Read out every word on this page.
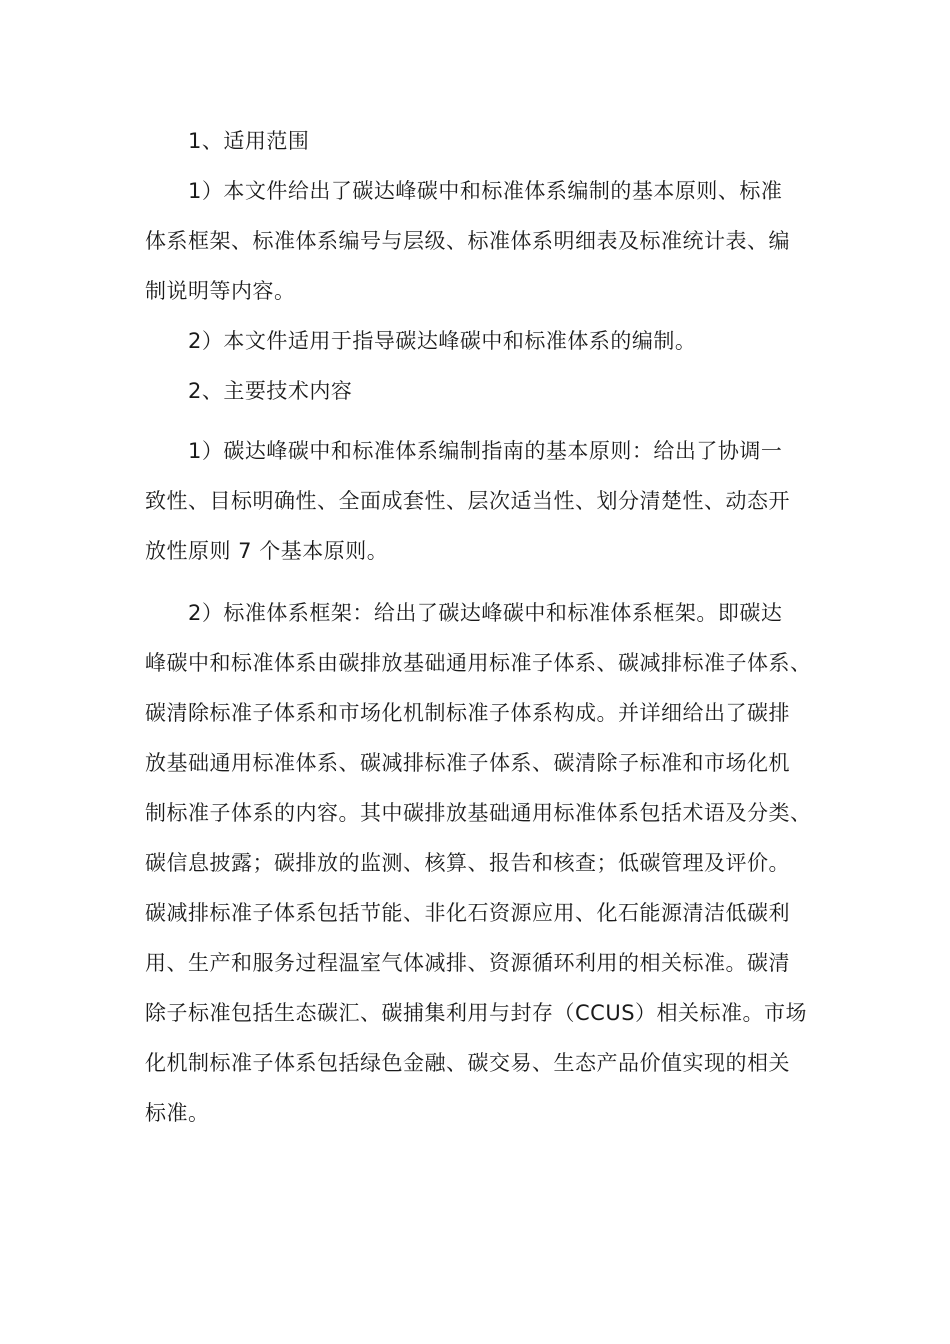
1、适用范围
1）本文件给出了碳达峰碳中和标准体系编制的基本原则、标准
体系框架、标准体系编号与层级、标准体系明细表及标准统计表、编
制说明等内容。
2）本文件适用于指导碳达峰碳中和标准体系的编制。
2、主要技术内容
1）碳达峰碳中和标准体系编制指南的基本原则：给出了协调一
致性、目标明确性、全面成套性、层次适当性、划分清楚性、动态开
放性原则 7 个基本原则。
2）标准体系框架：给出了碳达峰碳中和标准体系框架。即碳达
峰碳中和标准体系由碳排放基础通用标准子体系、碳减排标准子体系、
碳清除标准子体系和市场化机制标准子体系构成。并详细给出了碳排
放基础通用标准体系、碳减排标准子体系、碳清除子标准和市场化机
制标准子体系的内容。其中碳排放基础通用标准体系包括术语及分类、
碳信息披露；碳排放的监测、核算、报告和核查；低碳管理及评价。
碳减排标准子体系包括节能、非化石资源应用、化石能源清洁低碳利
用、生产和服务过程温室气体减排、资源循环利用的相关标准。碳清
除子标准包括生态碳汇、碳捕集利用与封存（CCUS）相关标准。市场
化机制标准子体系包括绿色金融、碳交易、生态产品价值实现的相关
标准。
